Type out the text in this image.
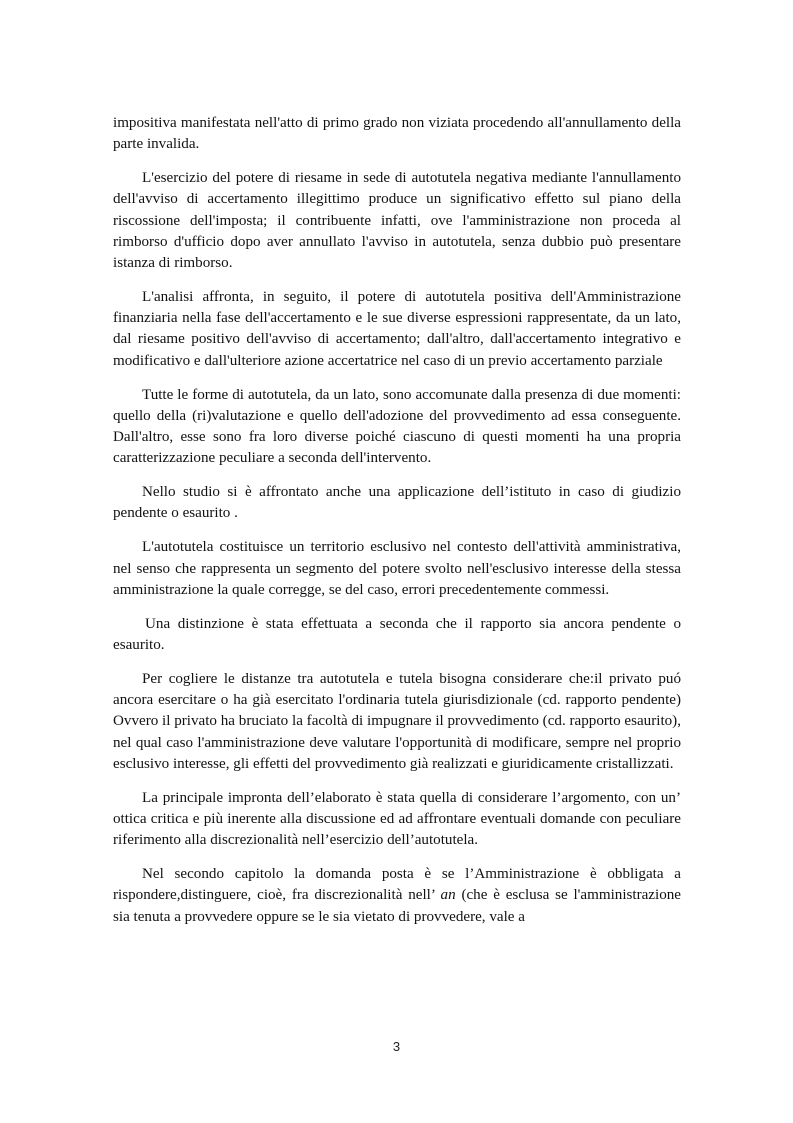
impositiva manifestata nell'atto di primo grado non viziata procedendo all'annullamento della parte invalida.

L'esercizio del potere di riesame in sede di autotutela negativa mediante l'annullamento dell'avviso di accertamento illegittimo produce un significativo effetto sul piano della riscossione dell'imposta; il contribuente infatti, ove l'amministrazione non proceda al rimborso d'ufficio dopo aver annullato l'avviso in autotutela, senza dubbio può presentare istanza di rimborso.

L'analisi affronta, in seguito, il potere di autotutela positiva dell'Amministrazione finanziaria nella fase dell'accertamento e le sue diverse espressioni rappresentate, da un lato, dal riesame positivo dell'avviso di accertamento; dall'altro, dall'accertamento integrativo e modificativo e dall'ulteriore azione accertatrice nel caso di un previo accertamento parziale

Tutte le forme di autotutela, da un lato, sono accomunate dalla presenza di due momenti: quello della (ri)valutazione e quello dell'adozione del provvedimento ad essa conseguente. Dall'altro, esse sono fra loro diverse poiché ciascuno di questi momenti ha una propria caratterizzazione peculiare a seconda dell'intervento.

Nello studio si è affrontato anche una applicazione dell’istituto in caso di giudizio pendente o esaurito .

L'autotutela costituisce un territorio esclusivo nel contesto dell'attività amministrativa, nel senso che rappresenta un segmento del potere svolto nell'esclusivo interesse della stessa amministrazione la quale corregge, se del caso, errori precedentemente commessi.

Una distinzione è stata effettuata a seconda che il rapporto sia ancora pendente o esaurito.

Per cogliere le distanze tra autotutela e tutela bisogna considerare che:il privato puó ancora esercitare o ha già esercitato l'ordinaria tutela giurisdizionale (cd. rapporto pendente) Ovvero il privato ha bruciato la facoltà di impugnare il provvedimento (cd. rapporto esaurito), nel qual caso l'amministrazione deve valutare l'opportunità di modificare, sempre nel proprio esclusivo interesse, gli effetti del provvedimento già realizzati e giuridicamente cristallizzati.

La principale impronta dell’elaborato è stata quella di considerare l’argomento, con un’ ottica critica e più inerente alla discussione ed ad affrontare eventuali domande con peculiare riferimento alla discrezionalità nell’esercizio dell’autotutela.

Nel secondo capitolo la domanda posta è se l’Amministrazione è obbligata a rispondere,distinguere, cioè, fra discrezionalità nell’ an (che è esclusa se l'amministrazione sia tenuta a provvedere oppure se le sia vietato di provvedere, vale a

3
